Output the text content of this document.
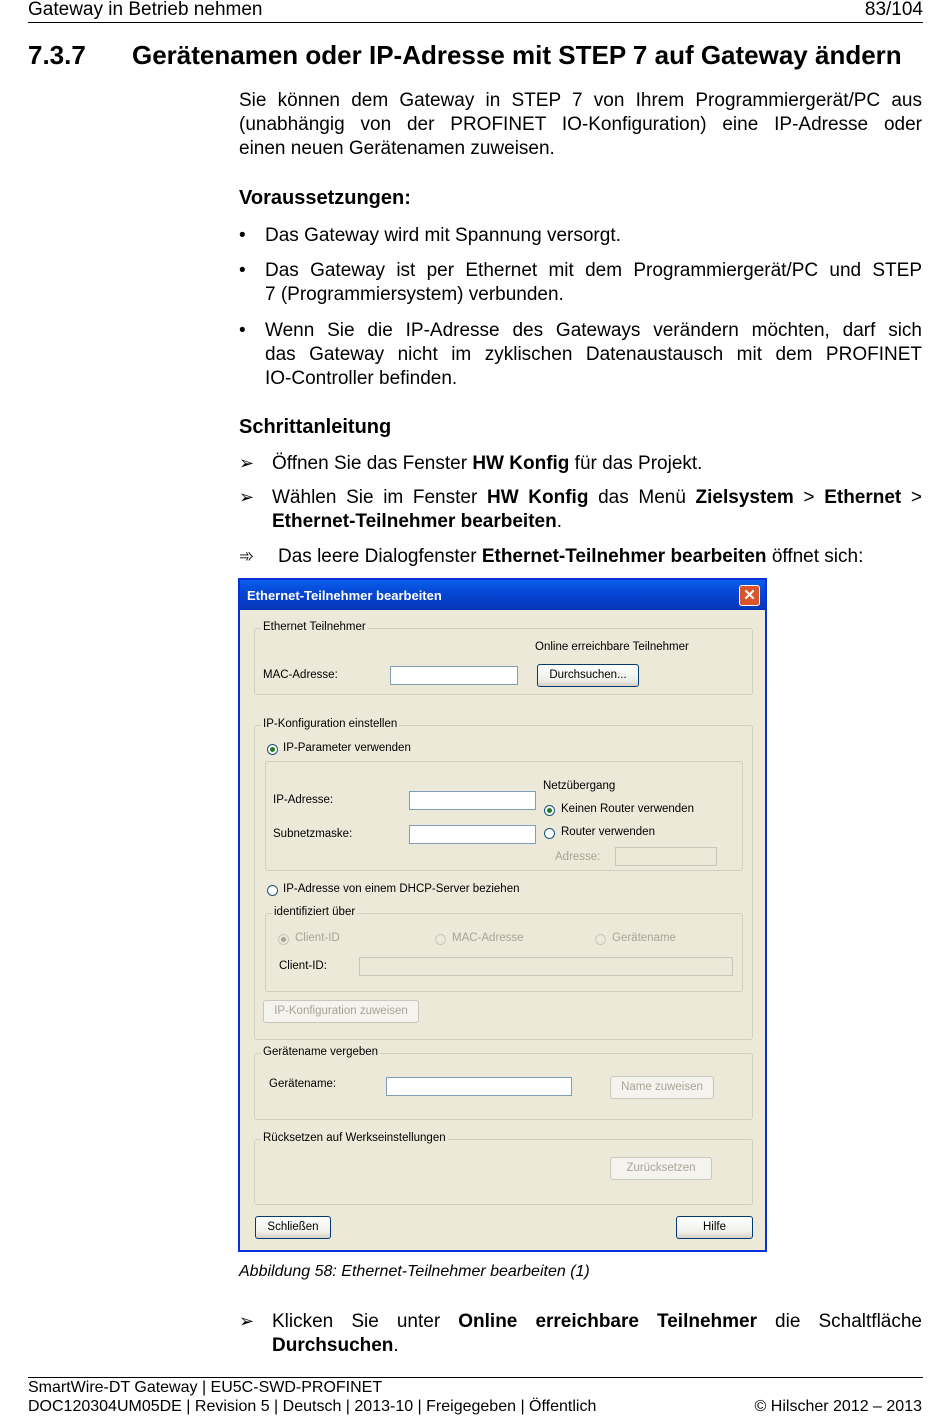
Gateway in Betrieb nehmen	83/104
7.3.7 Gerätenamen oder IP-Adresse mit STEP 7 auf Gateway ändern
Sie können dem Gateway in STEP 7 von Ihrem Programmiergerät/PC aus
(unabhängig von der PROFINET IO-Konfiguration) eine IP-Adresse oder
einen neuen Gerätenamen zuweisen.
Voraussetzungen:
• Das Gateway wird mit Spannung versorgt.
• Das Gateway ist per Ethernet mit dem Programmiergerät/PC und STEP
7 (Programmiersystem) verbunden.
• Wenn Sie die IP-Adresse des Gateways verändern möchten, darf sich
das Gateway nicht im zyklischen Datenaustausch mit dem PROFINET
IO-Controller befinden.
Schrittanleitung
➢ Öffnen Sie das Fenster HW Konfig für das Projekt.
➢ Wählen Sie im Fenster HW Konfig das Menü Zielsystem > Ethernet >
Ethernet-Teilnehmer bearbeiten.
➾ Das leere Dialogfenster Ethernet-Teilnehmer bearbeiten öffnet sich:
Ethernet-Teilnehmer bearbeiten	✕
Ethernet Teilnehmer
Online erreichbare Teilnehmer
MAC-Adresse:	Durchsuchen...
IP-Konfiguration einstellen
IP-Parameter verwenden
IP-Adresse:
Subnetzmaske:
Netzübergang
Keinen Router verwenden
Router verwenden
Adresse:
IP-Adresse von einem DHCP-Server beziehen
identifiziert über
Client-ID	MAC-Adresse	Gerätename
Client-ID:
IP-Konfiguration zuweisen
Gerätename vergeben
Gerätename:	Name zuweisen
Rücksetzen auf Werkseinstellungen
Zurücksetzen
Schließen	Hilfe
Abbildung 58: Ethernet-Teilnehmer bearbeiten (1)
➢ Klicken Sie unter Online erreichbare Teilnehmer die Schaltfläche
Durchsuchen.
SmartWire-DT Gateway | EU5C-SWD-PROFINET
DOC120304UM05DE | Revision 5 | Deutsch | 2013-10 | Freigegeben | Öffentlich	© Hilscher 2012 – 2013
